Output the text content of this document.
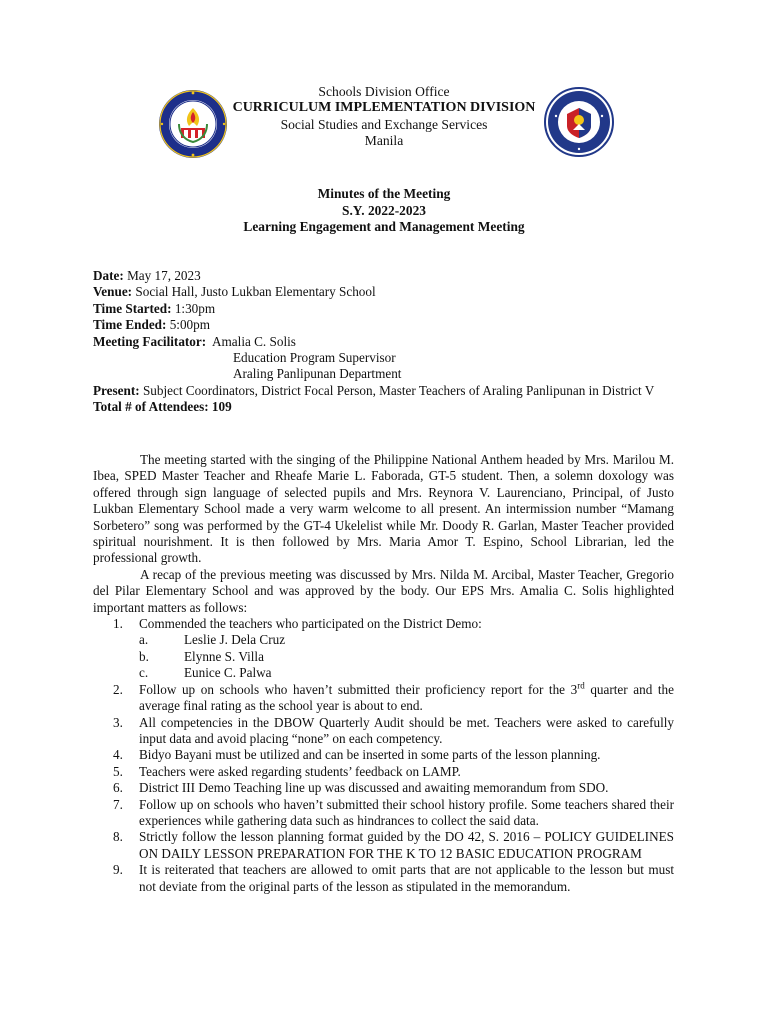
Schools Division Office
CURRICULUM IMPLEMENTATION DIVISION
Social Studies and Exchange Services
Manila
Minutes of the Meeting
S.Y. 2022-2023
Learning Engagement and Management Meeting
Date: May 17, 2023
Venue: Social Hall, Justo Lukban Elementary School
Time Started: 1:30pm
Time Ended: 5:00pm
Meeting Facilitator:  Amalia C. Solis
Education Program Supervisor
Araling Panlipunan Department
Present: Subject Coordinators, District Focal Person, Master Teachers of Araling Panlipunan in District V
Total # of Attendees: 109

The meeting started with the singing of the Philippine National Anthem headed by Mrs. Marilou M. Ibea, SPED Master Teacher and Rheafe Marie L. Faborada, GT-5 student. Then, a solemn doxology was offered through sign language of selected pupils and Mrs. Reynora V. Laurenciano, Principal, of Justo Lukban Elementary School made a very warm welcome to all present. An intermission number “Mamang Sorbetero” song was performed by the GT-4 Ukelelist while Mr. Doody R. Garlan, Master Teacher provided spiritual nourishment. It is then followed by Mrs. Maria Amor T. Espino, School Librarian, led the professional growth.

A recap of the previous meeting was discussed by Mrs. Nilda M. Arcibal, Master Teacher, Gregorio del Pilar Elementary School and was approved by the body. Our EPS Mrs. Amalia C. Solis highlighted important matters as follows:

1. Commended the teachers who participated on the District Demo:
a.	Leslie J. Dela Cruz
b.	Elynne S. Villa
c.	Eunice C. Palwa
2. Follow up on schools who haven’t submitted their proficiency report for the 3rd quarter and the average final rating as the school year is about to end.
3. All competencies in the DBOW Quarterly Audit should be met. Teachers were asked to carefully input data and avoid placing “none” on each competency.
4. Bidyo Bayani must be utilized and can be inserted in some parts of the lesson planning.
5. Teachers were asked regarding students’ feedback on LAMP.
6. District III Demo Teaching line up was discussed and awaiting memorandum from SDO.
7. Follow up on schools who haven’t submitted their school history profile. Some teachers shared their experiences while gathering data such as hindrances to collect the said data.
8. Strictly follow the lesson planning format guided by the DO 42, S. 2016 – POLICY GUIDELINES ON DAILY LESSON PREPARATION FOR THE K TO 12 BASIC EDUCATION PROGRAM
9. It is reiterated that teachers are allowed to omit parts that are not applicable to the lesson but must not deviate from the original parts of the lesson as stipulated in the memorandum.
